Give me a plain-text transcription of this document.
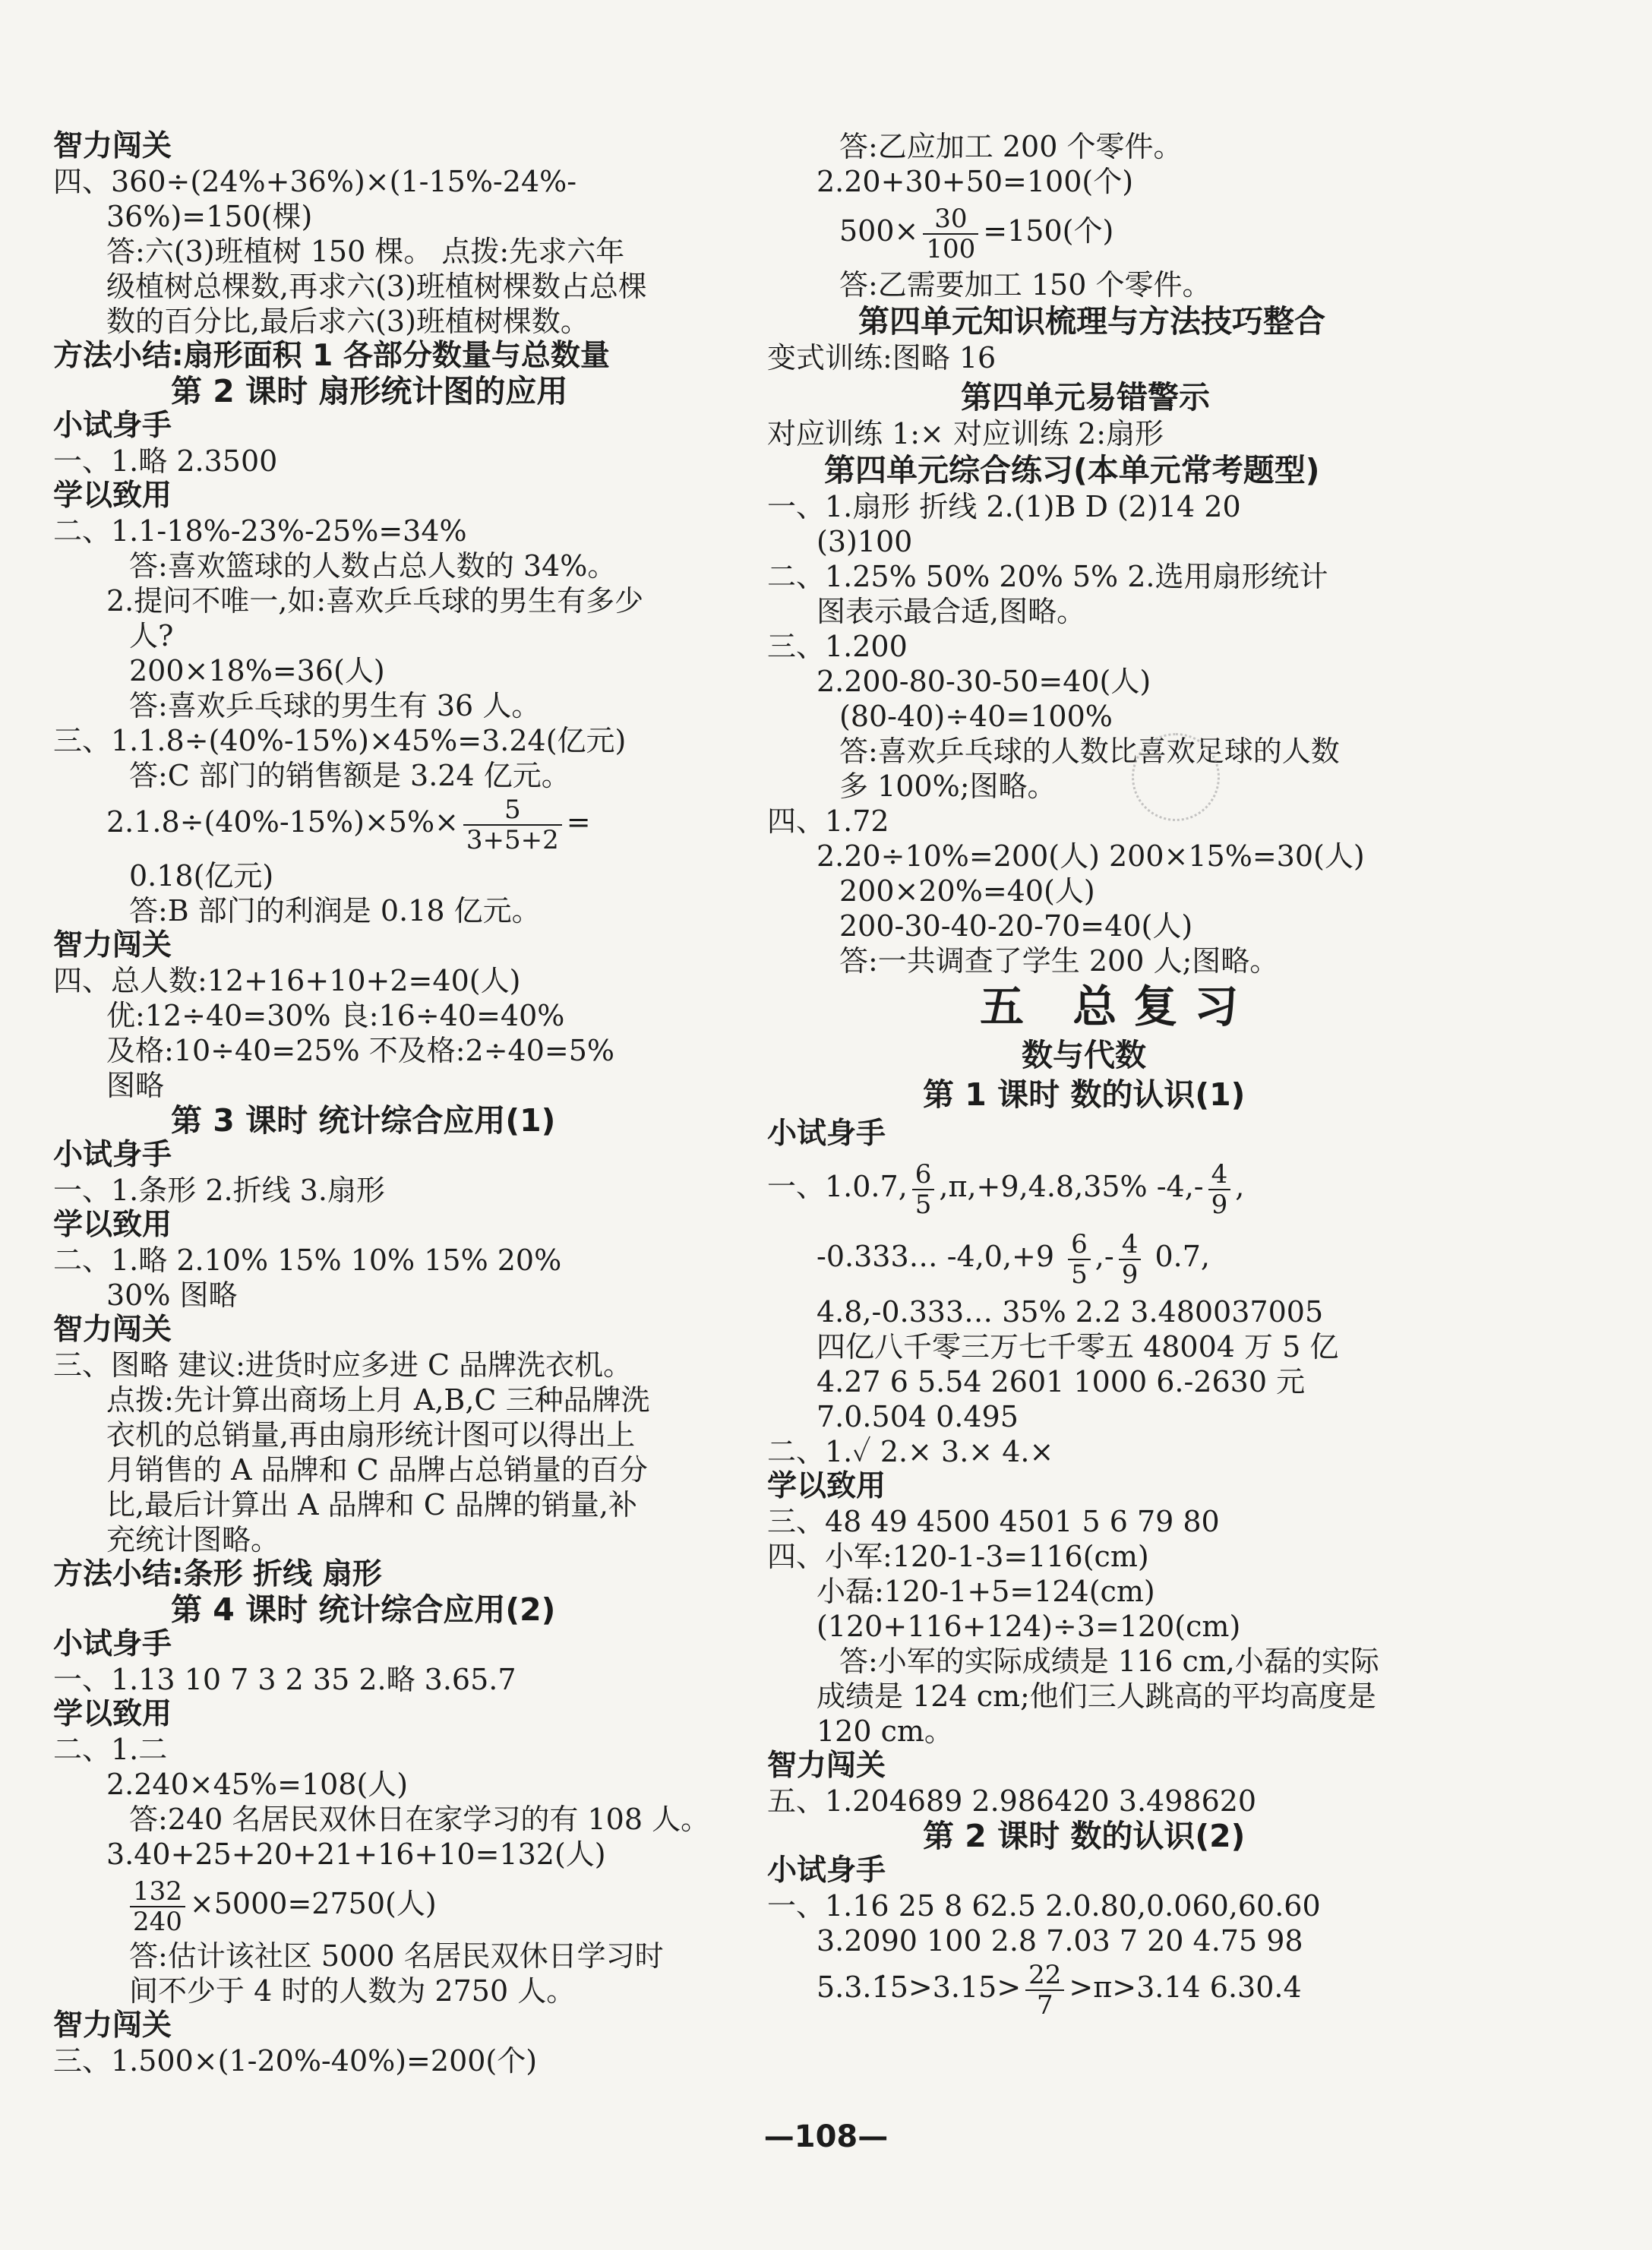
智力闯关
四、360÷(24%+36%)×(1-15%-24%-
36%)=150(棵)
答:六(3)班植树 150 棵。 点拨:先求六年
级植树总棵数,再求六(3)班植树棵数占总棵
数的百分比,最后求六(3)班植树棵数。
方法小结:扇形面积 1 各部分数量与总数量
第 2 课时 扇形统计图的应用
小试身手
一、1.略 2.3500
学以致用
二、1.1-18%-23%-25%=34%
答:喜欢篮球的人数占总人数的 34%。
2.提问不唯一,如:喜欢乒乓球的男生有多少
人?
200×18%=36(人)
答:喜欢乒乓球的男生有 36 人。
三、1.1.8÷(40%-15%)×45%=3.24(亿元)
答:C 部门的销售额是 3.24 亿元。
$2.1.8\div(40\%-15\%)\times 5\%\times \frac{5}{3+5+2}$ =
0.18(亿元)
答:B 部门的利润是 0.18 亿元。
智力闯关
四、总人数:12+16+10+2=40(人)
优:12÷40=30% 良:16÷40=40%
及格:10÷40=25% 不及格:2÷40=5%
图略
第 3 课时 统计综合应用(1)
小试身手
一、1.条形 2.折线 3.扇形
学以致用
二、1.略 2.10% 15% 10% 15% 20%
30% 图略
智力闯关
三、图略 建议:进货时应多进 C 品牌洗衣机。
点拨:先计算出商场上月 A,B,C 三种品牌洗
衣机的总销量,再由扇形统计图可以得出上
月销售的 A 品牌和 C 品牌占总销量的百分
比,最后计算出 A 品牌和 C 品牌的销量,补
充统计图略。
方法小结:条形 折线 扇形
第 4 课时 统计综合应用(2)
小试身手
一、1.13 10 7 3 2 35 2.略 3.65.7
学以致用
二、1.二
2.240×45%=108(人)
答:240 名居民双休日在家学习的有 108 人。
3.40+25+20+21+16+10=132(人)
$\frac{132}{240} \times 5000=2750$(人)
答:估计该社区 5000 名居民双休日学习时
间不少于 4 时的人数为 2750 人。
答:乙应加工 200 个零件。
2.20+30+50=100(个)
$500\times \frac{30}{100} =150$(个)
答:乙需要加工 150 个零件。
第四单元知识梳理与方法技巧整合
变式训练:图略 16
第四单元易错警示
对应训练 1:× 对应训练 2:扇形
第四单元综合练习(本单元常考题型)
一、1.扇形 折线 2.(1)B D (2)14 20
(3)100
二、1.25% 50% 20% 5% 2.选用扇形统计
图表示最合适,图略。
三、1.200
2.200-80-30-50=40(人)
(80-40)÷40=100%
答:喜欢乒乓球的人数比喜欢足球的人数
多 100%;图略。
四、1.72
2.20÷10%=200(人) 200×15%=30(人)
200×20%=40(人)
200-30-40-20-70=40(人)
答:一共调查了学生 200 人;图略。
五 总复习
数与代数
第 1 课时 数的认识(1)
小试身手
一、1.0.7, $\frac{6}{5} ,\pi,+9,4.8,35\%$ $-4,- \frac{4}{9}$ ,
-0.333… $-4,0,+9 \frac{6}{5}$ ,- $\frac{4}{9} 0.7$,
4.8,-0.333… 35% 2.2 3.480037005
四亿八千零三万七千零五 48004 万 5 亿
4.27 6 5.54 2601 1000 6.-2630 元
7.0.504 0.495
二、1.✓ 2.× 3.× 4.×
学以致用
三、48 49 4500 4501 5 6 79 80
四、小军:120-1-3=116(cm)
小磊:120-1+5=124(cm)
(120+116+124)÷3=120(cm)
答:小军的实际成绩是 116 cm,小磊的实际
成绩是 124 cm;他们三人跳高的平均高度是
120 cm。
智力闯关
五、1.204689 2.986420 3.498620
第 2 课时 数的认识(2)
小试身手
一、1.16 25 8 62.5 2.0.80,0.060,60.60
3.2090 100 2.8 7.03 7 20 4.75 98
5.3.1̇5>3.15> $\frac{22}{7} >\pi>3.14$ 6.30.4
—108—
智力闯关
三、1.500×(1-20%-40%)=200(个)
